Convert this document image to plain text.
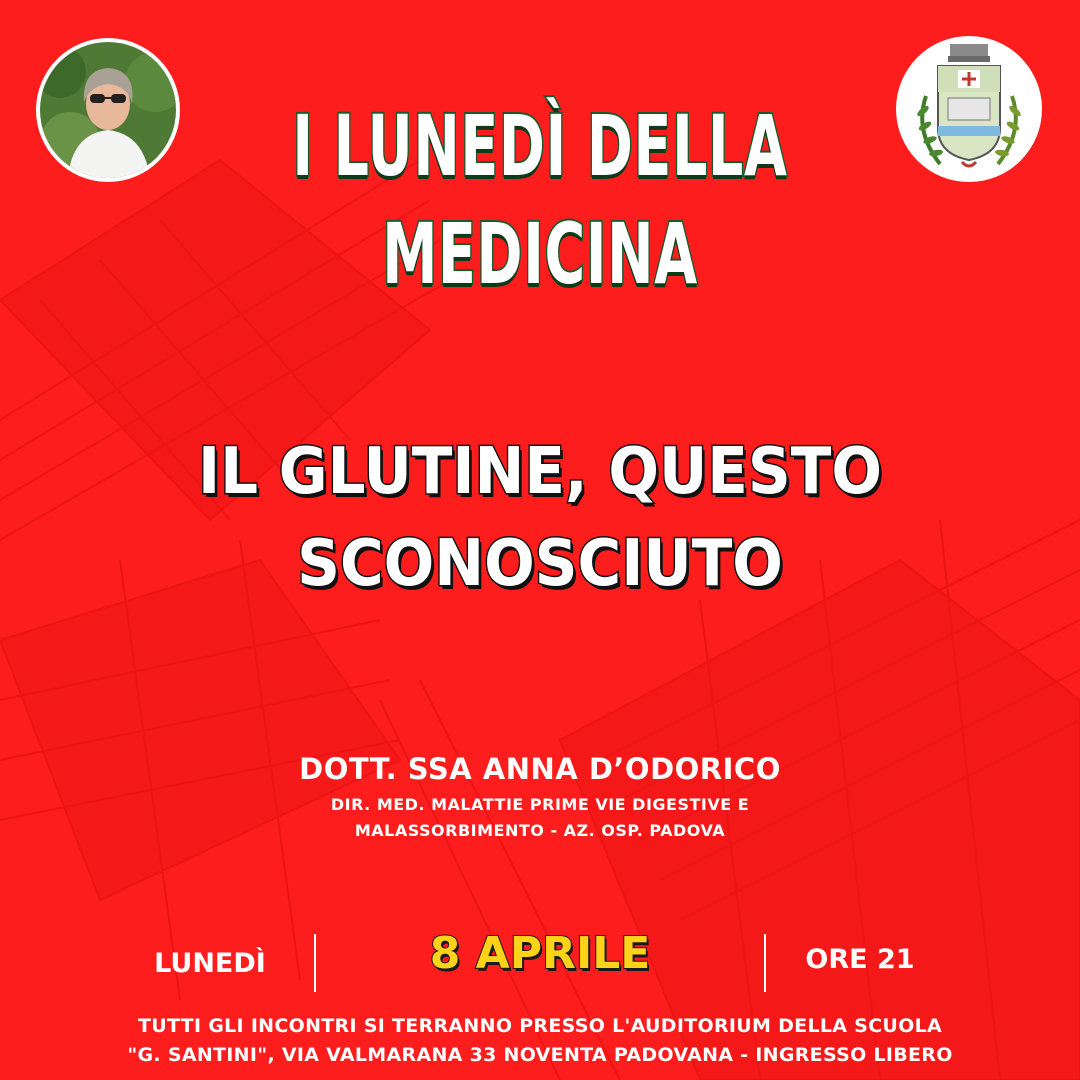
I LUNEDÌ DELLA
MEDICINA
IL GLUTINE, QUESTO
SCONOSCIUTO
DOTT. SSA ANNA D’ODORICO
DIR. MED. MALATTIE PRIME VIE DIGESTIVE E
MALASSORBIMENTO - AZ. OSP. PADOVA
LUNEDÌ	8 APRILE	ORE 21
TUTTI GLI INCONTRI SI TERRANNO PRESSO L'AUDITORIUM DELLA SCUOLA
"G. SANTINI", VIA VALMARANA 33 NOVENTA PADOVANA - INGRESSO LIBERO
